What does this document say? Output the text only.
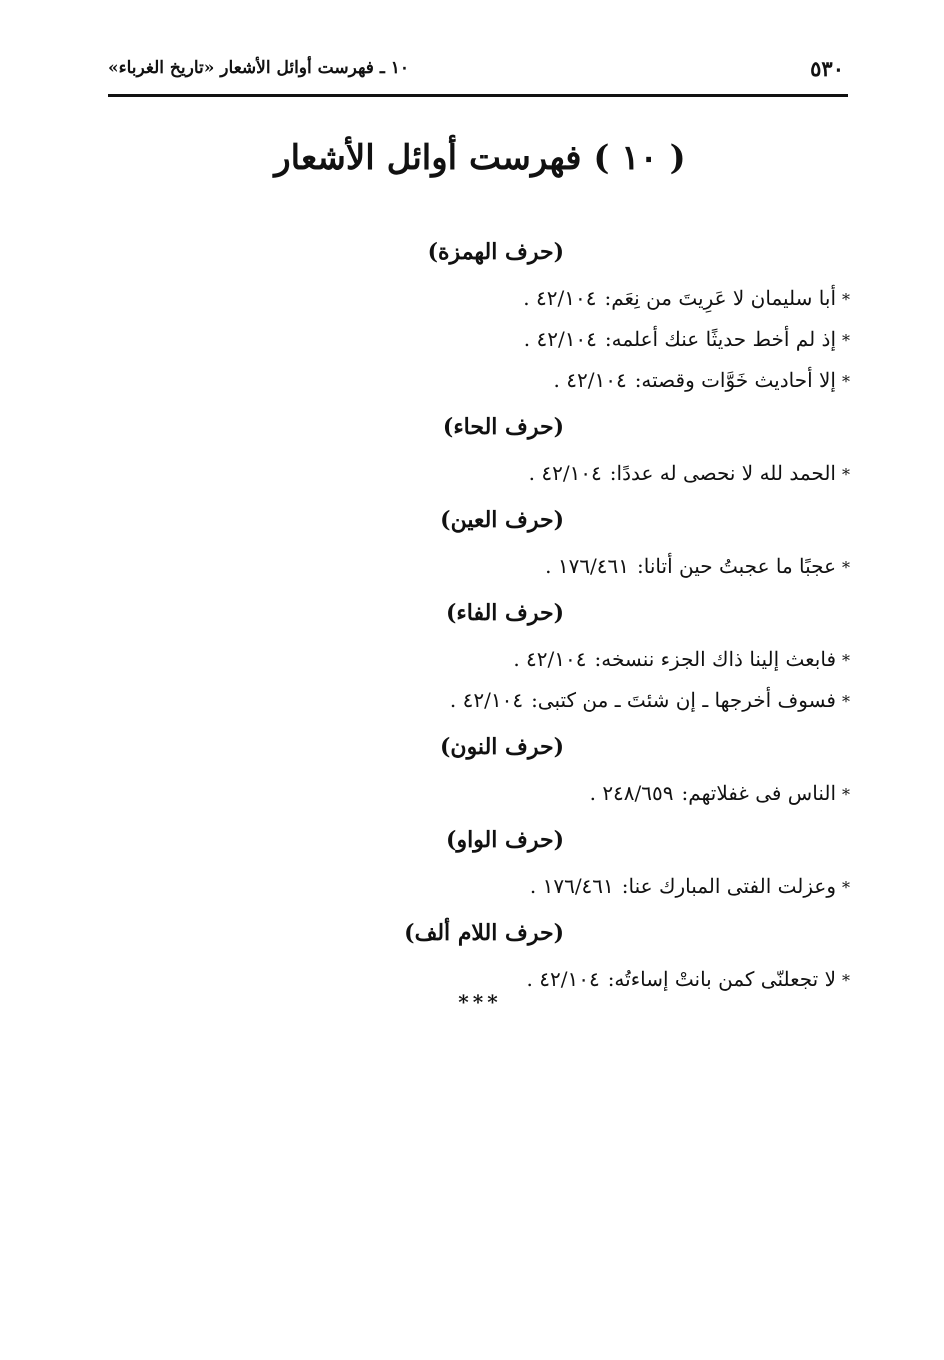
٥٣٠
١٠ ـ فهرست أوائل الأشعار «تاريخ الغرباء»
( ١٠ ) فهرست أوائل الأشعار
(حرف الهمزة)
*أبا سليمان لا عَرِيتَ من نِعَم:٤٢/١٠٤ .
*إذ لم أخط حديثًا عنك أعلمه:٤٢/١٠٤ .
*إلا أحاديث خَوَّات وقصته:٤٢/١٠٤ .
(حرف الحاء)
*الحمد لله لا نحصى له عددًا:٤٢/١٠٤ .
(حرف العين)
*عجبًا ما عجبتُ حين أتانا:١٧٦/٤٦١ .
(حرف الفاء)
*فابعث إلينا ذاك الجزء ننسخه:٤٢/١٠٤ .
*فسوف أخرجها ـ إن شئتَ ـ من كتبى:٤٢/١٠٤ .
(حرف النون)
*الناس فى غفلاتهم:٢٤٨/٦٥٩ .
(حرف الواو)
*وعزلت الفتى المبارك عنا:١٧٦/٤٦١ .
(حرف اللام ألف)
*لا تجعلنّى كمن بانتْ إساءتُه:٤٢/١٠٤ .
***
